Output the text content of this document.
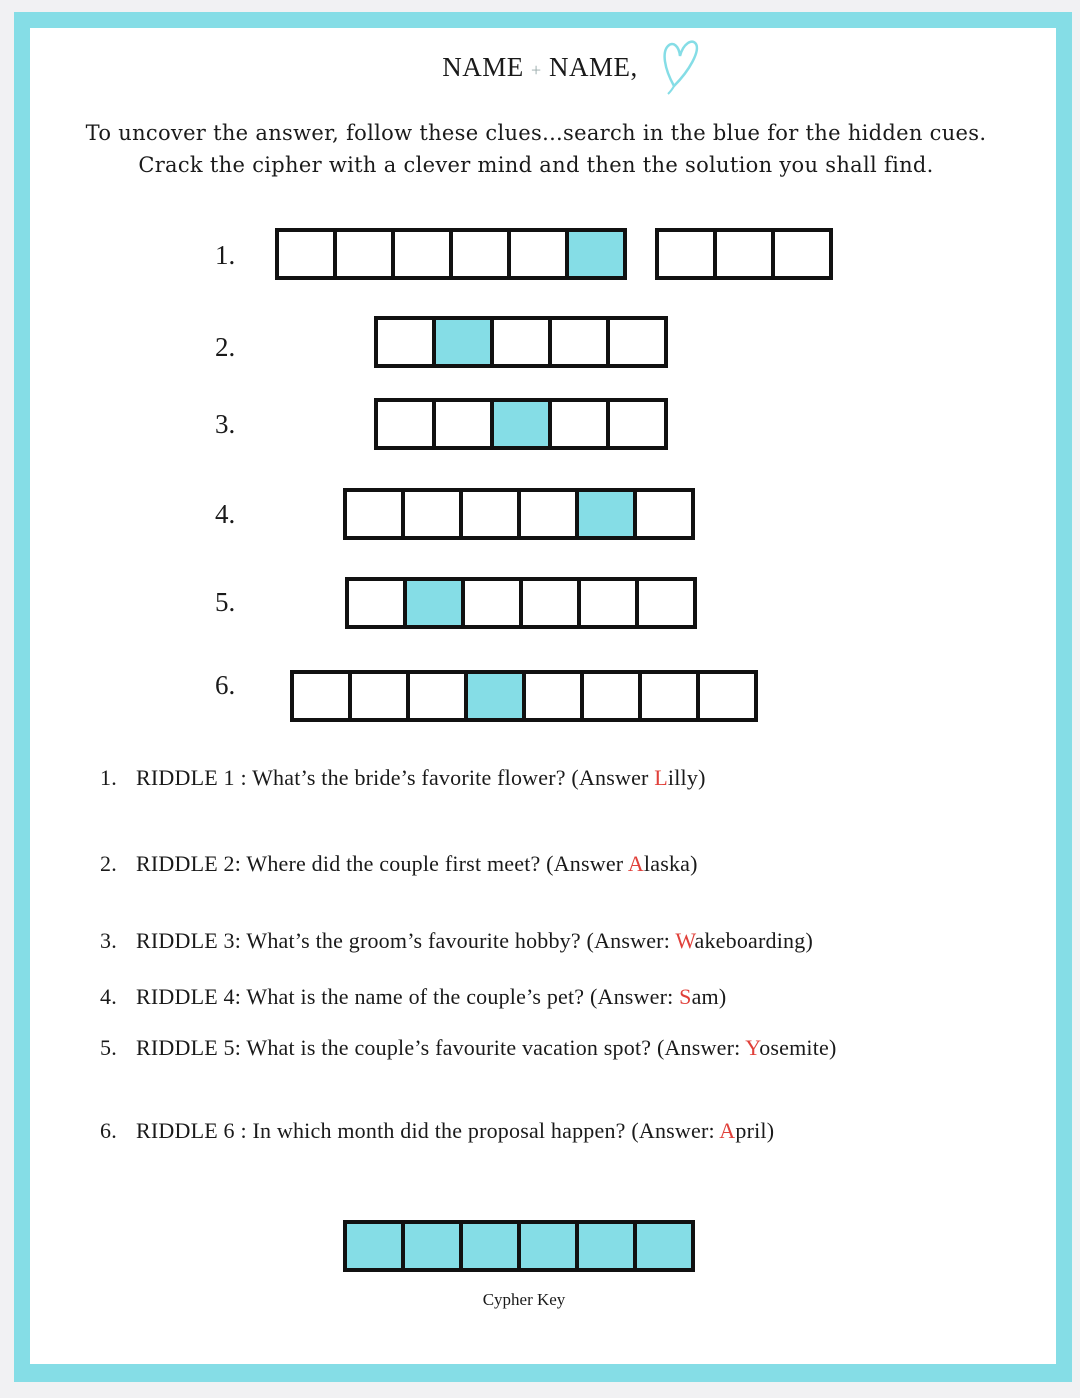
NAME + NAME,
To uncover the answer, follow these clues...search in the blue for the hidden cues.
Crack the cipher with a clever mind and then the solution you shall find.
1.
2.
3.
4.
5.
6.
1. RIDDLE 1 : What’s the bride’s favorite flower? (Answer Lilly)
2. RIDDLE 2: Where did the couple first meet? (Answer Alaska)
3. RIDDLE 3: What’s the groom’s favourite hobby? (Answer: Wakeboarding)
4. RIDDLE 4: What is the name of the couple’s pet? (Answer: Sam)
5. RIDDLE 5: What is the couple’s favourite vacation spot? (Answer: Yosemite)
6. RIDDLE 6 : In which month did the proposal happen? (Answer: April)
Cypher Key
